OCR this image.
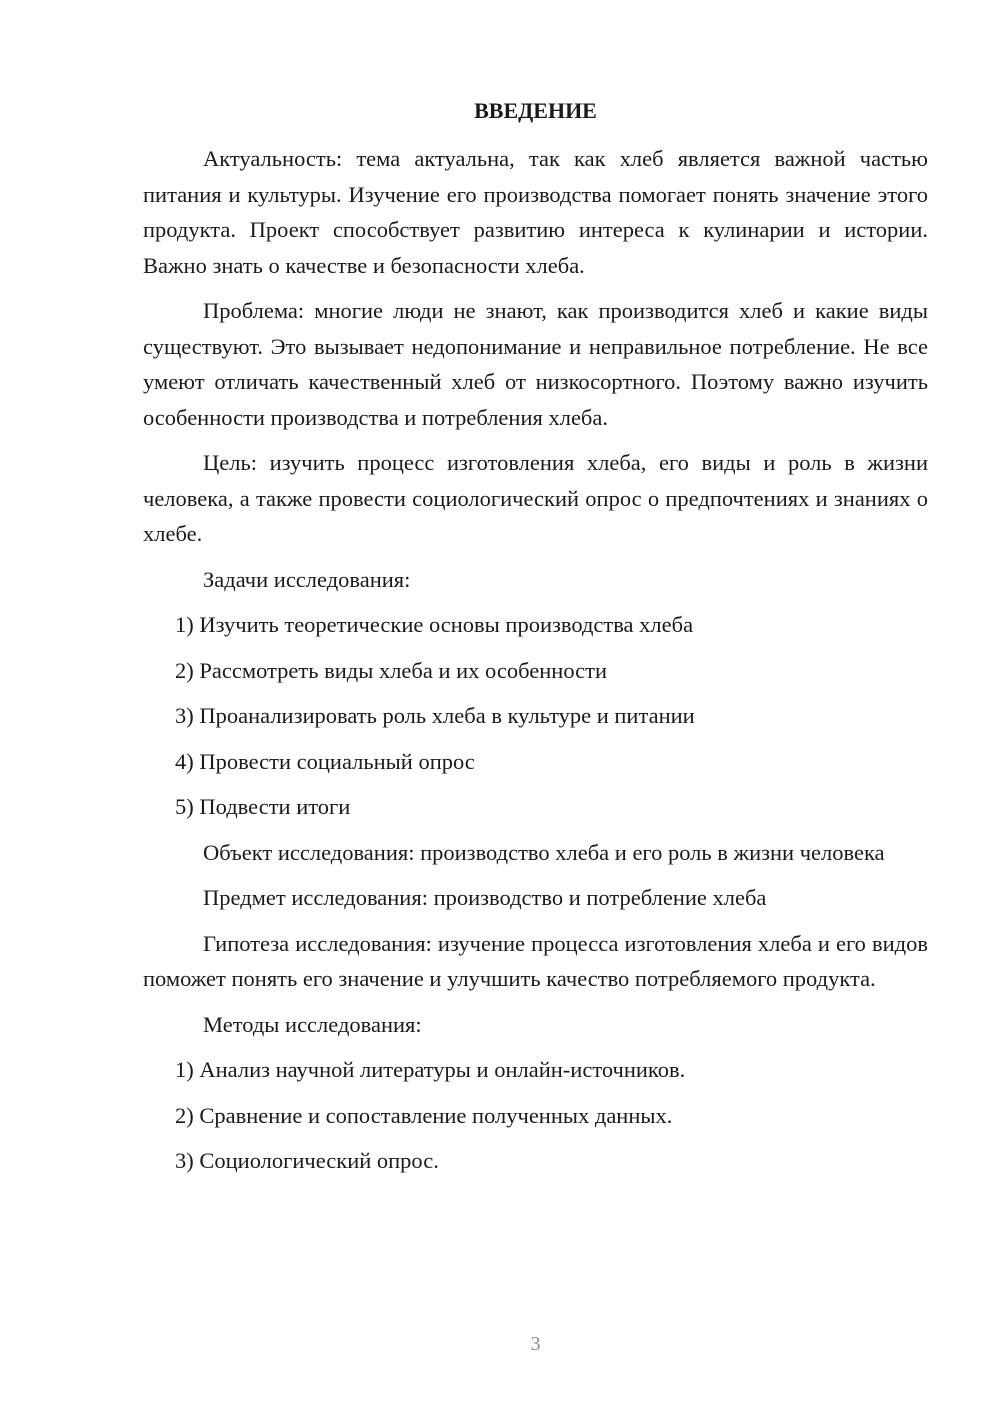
ВВЕДЕНИЕ

Актуальность: тема актуальна, так как хлеб является важной частью питания и культуры. Изучение его производства помогает понять значение этого продукта. Проект способствует развитию интереса к кулинарии и истории. Важно знать о качестве и безопасности хлеба.

Проблема: многие люди не знают, как производится хлеб и какие виды существуют. Это вызывает недопонимание и неправильное потребление. Не все умеют отличать качественный хлеб от низкосортного. Поэтому важно изучить особенности производства и потребления хлеба.

Цель: изучить процесс изготовления хлеба, его виды и роль в жизни человека, а также провести социологический опрос о предпочтениях и знаниях о хлебе.

Задачи исследования:

1) Изучить теоретические основы производства хлеба

2) Рассмотреть виды хлеба и их особенности

3) Проанализировать роль хлеба в культуре и питании

4) Провести социальный опрос

5) Подвести итоги

Объект исследования: производство хлеба и его роль в жизни человека

Предмет исследования: производство и потребление хлеба

Гипотеза исследования: изучение процесса изготовления хлеба и его видов поможет понять его значение и улучшить качество потребляемого продукта.

Методы исследования:

1) Анализ научной литературы и онлайн-источников.

2) Сравнение и сопоставление полученных данных.

3) Социологический опрос.

3
